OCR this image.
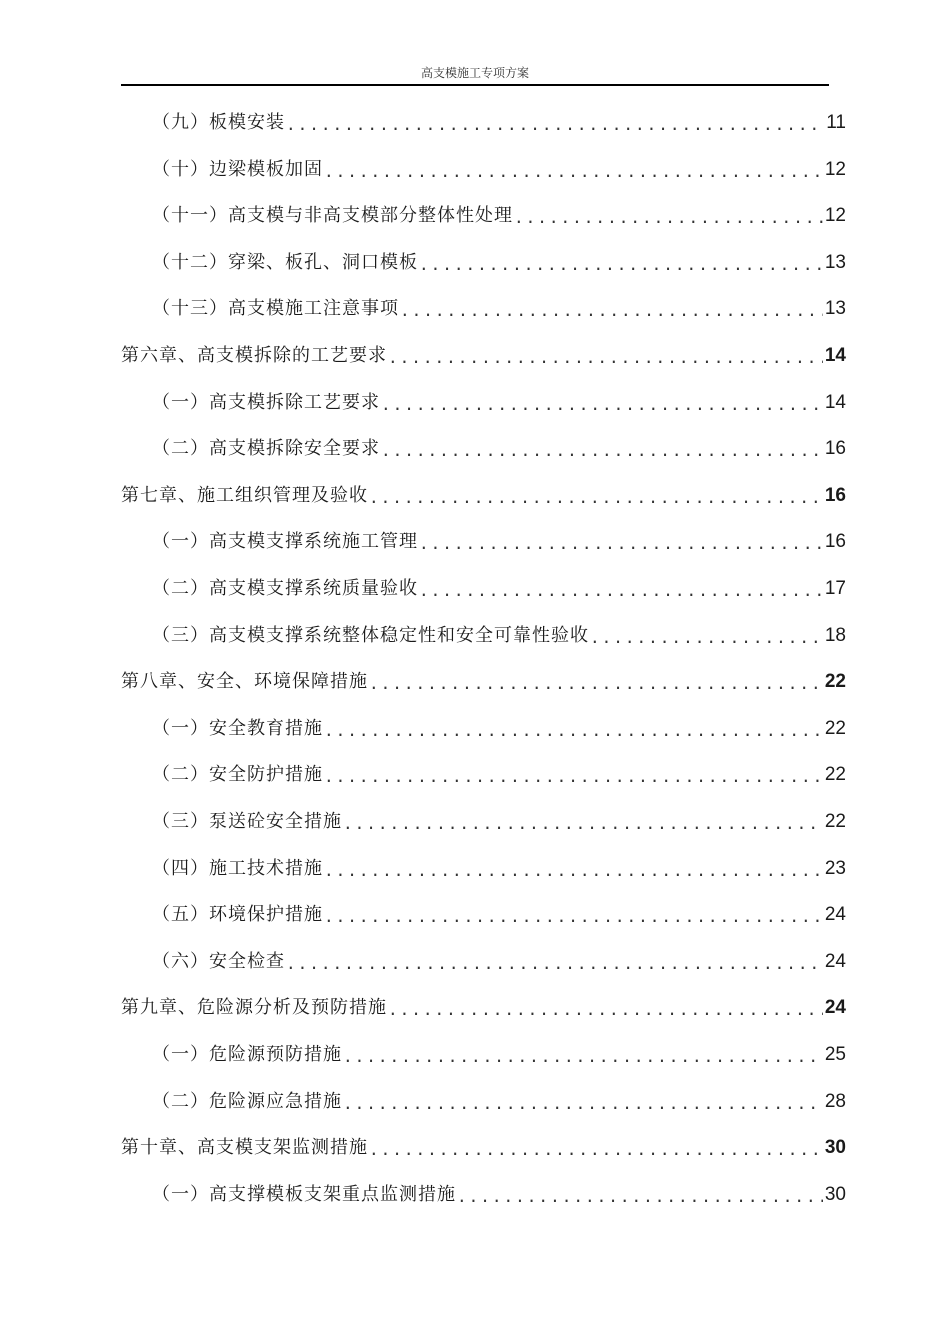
高支模施工专项方案
（九）板模安装 .....	11
（十）边梁模板加固 .....	12
（十一）高支模与非高支模部分整体性处理 .....	12
（十二）穿梁、板孔、洞口模板 .....	13
（十三）高支模施工注意事项 .....	13
第六章、高支模拆除的工艺要求 .....	14
（一）高支模拆除工艺要求 .....	14
（二）高支模拆除安全要求 .....	16
第七章、施工组织管理及验收 .....	16
（一）高支模支撑系统施工管理 .....	16
（二）高支模支撑系统质量验收 .....	17
（三）高支模支撑系统整体稳定性和安全可靠性验收 .....	18
第八章、安全、环境保障措施 .....	22
（一）安全教育措施 .....	22
（二）安全防护措施 .....	22
（三）泵送砼安全措施 .....	22
（四）施工技术措施 .....	23
（五）环境保护措施 .....	24
（六）安全检查 .....	24
第九章、危险源分析及预防措施 .....	24
（一）危险源预防措施 .....	25
（二）危险源应急措施 .....	28
第十章、高支模支架监测措施 .....	30
（一）高支撑模板支架重点监测措施 .....	30
